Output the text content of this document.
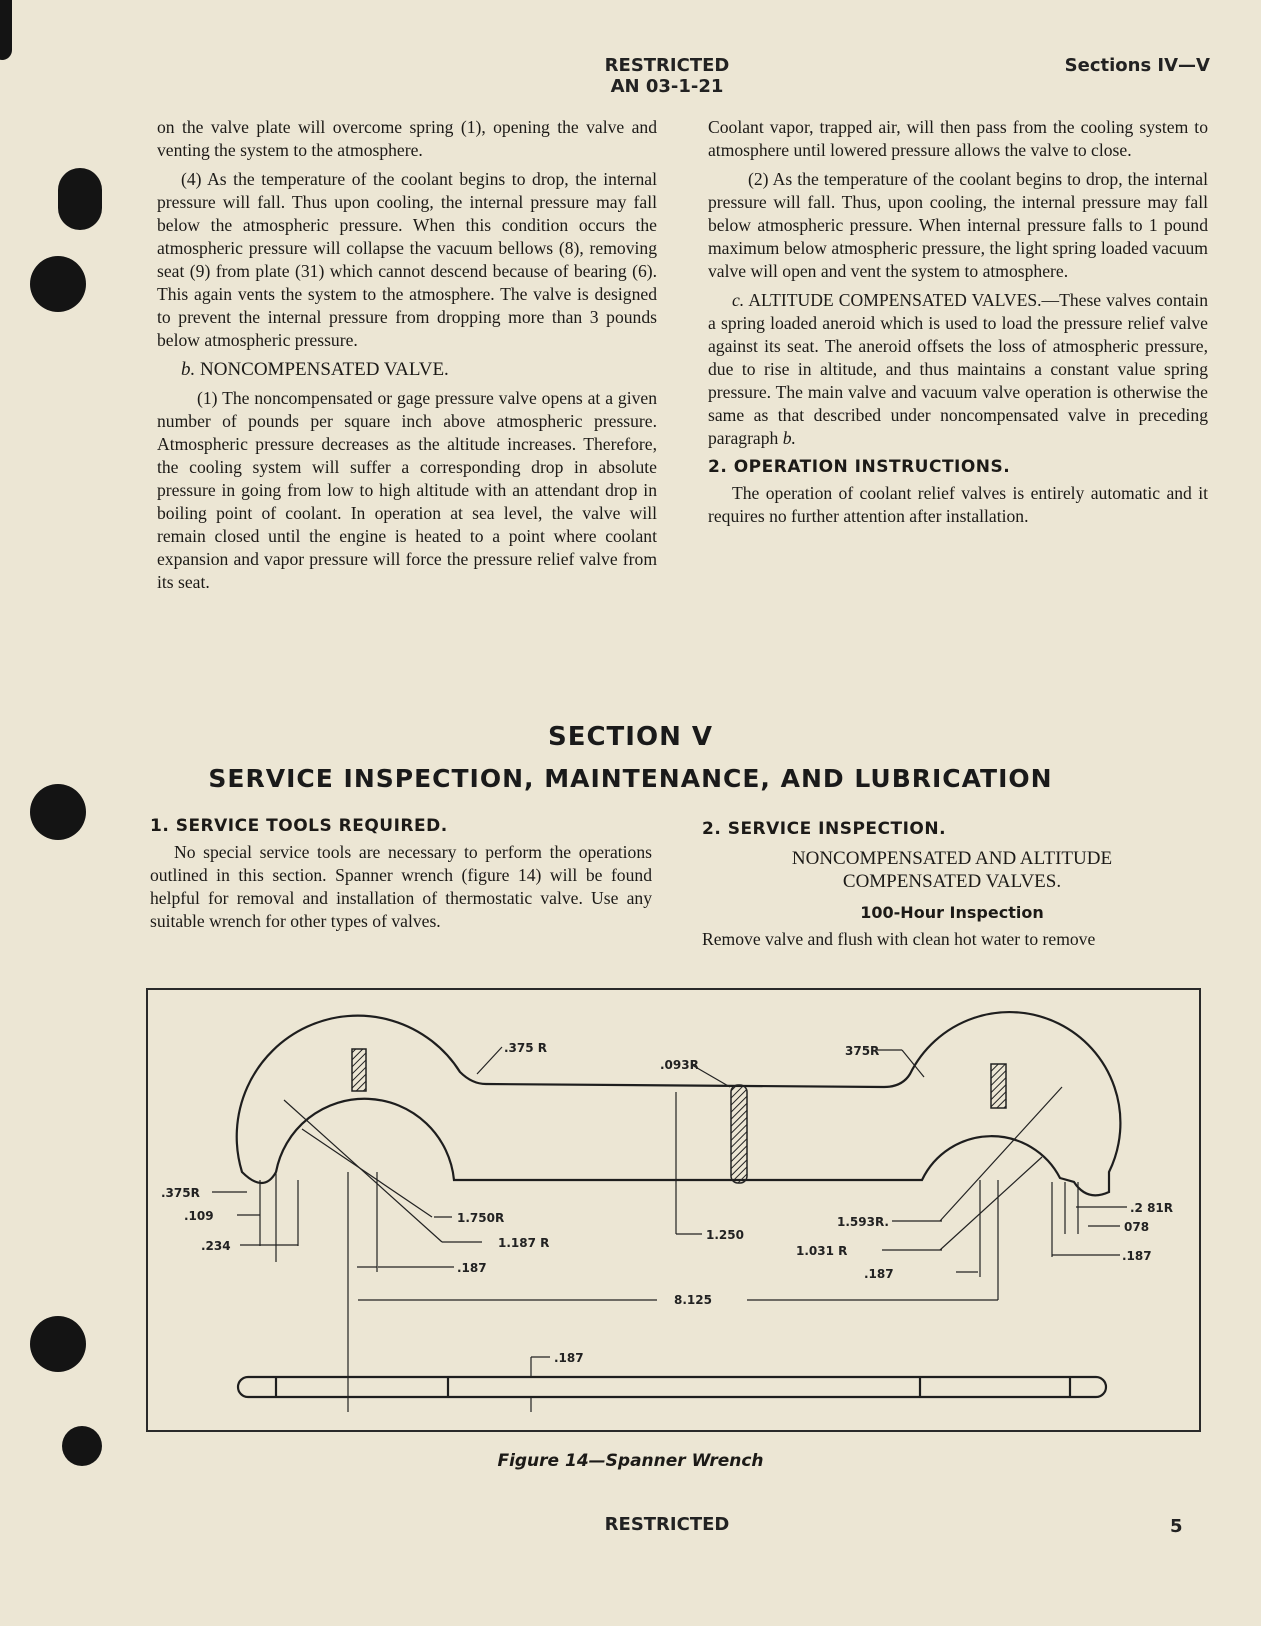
RESTRICTED
AN 03-1-21
Sections IV—V

on the valve plate will overcome spring (1), opening the valve and venting the system to the atmosphere.

(4) As the temperature of the coolant begins to drop, the internal pressure will fall. Thus upon cooling, the internal pressure may fall below the atmospheric pressure. When this condition occurs the atmospheric pressure will collapse the vacuum bellows (8), removing seat (9) from plate (31) which cannot descend because of bearing (6). This again vents the system to the atmosphere. The valve is designed to prevent the internal pressure from dropping more than 3 pounds below atmospheric pressure.

b. NONCOMPENSATED VALVE.

(1) The noncompensated or gage pressure valve opens at a given number of pounds per square inch above atmospheric pressure. Atmospheric pressure decreases as the altitude increases. Therefore, the cooling system will suffer a corresponding drop in absolute pressure in going from low to high altitude with an attendant drop in boiling point of coolant. In operation at sea level, the valve will remain closed until the engine is heated to a point where coolant expansion and vapor pressure will force the pressure relief valve from its seat.

Coolant vapor, trapped air, will then pass from the cooling system to atmosphere until lowered pressure allows the valve to close.

(2) As the temperature of the coolant begins to drop, the internal pressure will fall. Thus, upon cooling, the internal pressure may fall below atmospheric pressure. When internal pressure falls to 1 pound maximum below atmospheric pressure, the light spring loaded vacuum valve will open and vent the system to atmosphere.

c. ALTITUDE COMPENSATED VALVES.—These valves contain a spring loaded aneroid which is used to load the pressure relief valve against its seat. The aneroid offsets the loss of atmospheric pressure, due to rise in altitude, and thus maintains a constant value spring pressure. The main valve and vacuum valve operation is otherwise the same as that described under noncompensated valve in preceding paragraph b.

2. OPERATION INSTRUCTIONS.

The operation of coolant relief valves is entirely automatic and it requires no further attention after installation.

SECTION V
SERVICE INSPECTION, MAINTENANCE, AND LUBRICATION

1. SERVICE TOOLS REQUIRED.

No special service tools are necessary to perform the operations outlined in this section. Spanner wrench (figure 14) will be found helpful for removal and installation of thermostatic valve. Use any suitable wrench for other types of valves.

2. SERVICE INSPECTION.

NONCOMPENSATED AND ALTITUDE

COMPENSATED VALVES.

100-Hour Inspection

Remove valve and flush with clean hot water to remove

.375 R
.093R
375R
.375R
.109
.234
1.750R
1.187 R
.187
1.250
8.125
1.593R.
1.031 R
.187
.2 81R
078
.187
.187
Figure 14—Spanner Wrench
RESTRICTED	5
